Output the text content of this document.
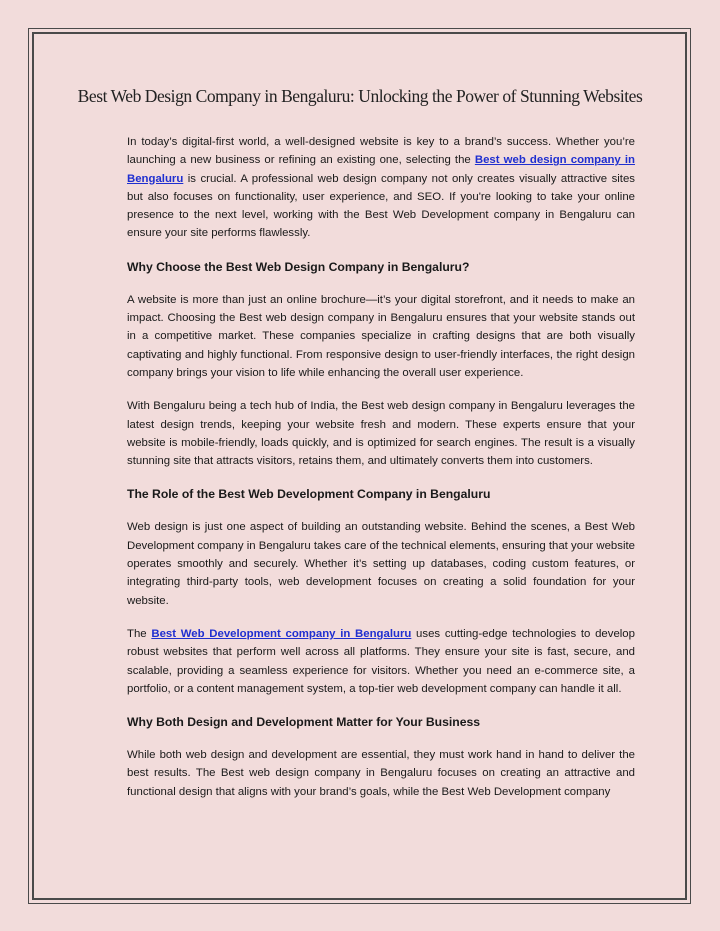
Best Web Design Company in Bengaluru: Unlocking the Power of Stunning Websites

In today’s digital-first world, a well-designed website is key to a brand’s success. Whether you’re launching a new business or refining an existing one, selecting the Best web design company in Bengaluru is crucial. A professional web design company not only creates visually attractive sites but also focuses on functionality, user experience, and SEO. If you're looking to take your online presence to the next level, working with the Best Web Development company in Bengaluru can ensure your site performs flawlessly.

Why Choose the Best Web Design Company in Bengaluru?

A website is more than just an online brochure—it’s your digital storefront, and it needs to make an impact. Choosing the Best web design company in Bengaluru ensures that your website stands out in a competitive market. These companies specialize in crafting designs that are both visually captivating and highly functional. From responsive design to user-friendly interfaces, the right design company brings your vision to life while enhancing the overall user experience.

With Bengaluru being a tech hub of India, the Best web design company in Bengaluru leverages the latest design trends, keeping your website fresh and modern. These experts ensure that your website is mobile-friendly, loads quickly, and is optimized for search engines. The result is a visually stunning site that attracts visitors, retains them, and ultimately converts them into customers.

The Role of the Best Web Development Company in Bengaluru

Web design is just one aspect of building an outstanding website. Behind the scenes, a Best Web Development company in Bengaluru takes care of the technical elements, ensuring that your website operates smoothly and securely. Whether it’s setting up databases, coding custom features, or integrating third-party tools, web development focuses on creating a solid foundation for your website.

The Best Web Development company in Bengaluru uses cutting-edge technologies to develop robust websites that perform well across all platforms. They ensure your site is fast, secure, and scalable, providing a seamless experience for visitors. Whether you need an e-commerce site, a portfolio, or a content management system, a top-tier web development company can handle it all.

Why Both Design and Development Matter for Your Business

While both web design and development are essential, they must work hand in hand to deliver the best results. The Best web design company in Bengaluru focuses on creating an attractive and functional design that aligns with your brand’s goals, while the Best Web Development company
